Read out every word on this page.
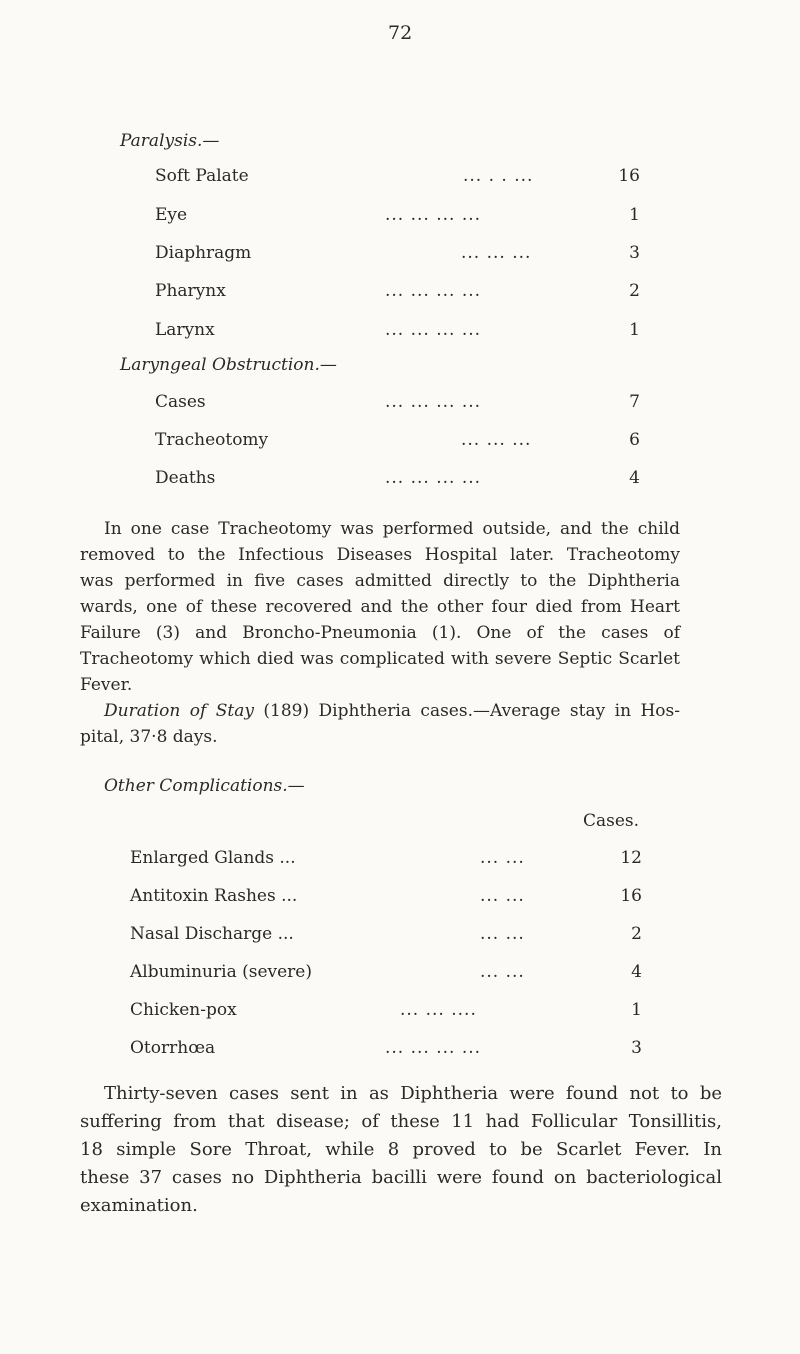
72
Paralysis.—
Soft Palate	... . . ...	16
Eye	... ... ... ...	1
Diaphragm	... ... ...	3
Pharynx	... ... ... ...	2
Larynx	... ... ... ...	1
Laryngeal Obstruction.—
Cases	... ... ... ...	7
Tracheotomy	... ... ...	6
Deaths	... ... ... ...	4
In one case Tracheotomy was performed outside, and the child
removed to the Infectious Diseases Hospital later. Tracheotomy
was performed in five cases admitted directly to the Diphtheria
wards, one of these recovered and the other four died from Heart
Failure (3) and Broncho-Pneumonia (1). One of the cases of
Tracheotomy which died was complicated with severe Septic Scarlet
Fever.
Duration of Stay (189) Diphtheria cases.—Average stay in Hos-
pital, 37·8 days.
Other Complications.—
Cases.
Enlarged Glands ...	... ...	12
Antitoxin Rashes ...	... ...	16
Nasal Discharge ...	... ...	2
Albuminuria (severe)	... ...	4
Chicken-pox	... ... ....	1
Otorrhœa	... ... ... ...	3
Thirty-seven cases sent in as Diphtheria were found not to be
suffering from that disease; of these 11 had Follicular Tonsillitis,
18 simple Sore Throat, while 8 proved to be Scarlet Fever. In
these 37 cases no Diphtheria bacilli were found on bacteriological
examination.
